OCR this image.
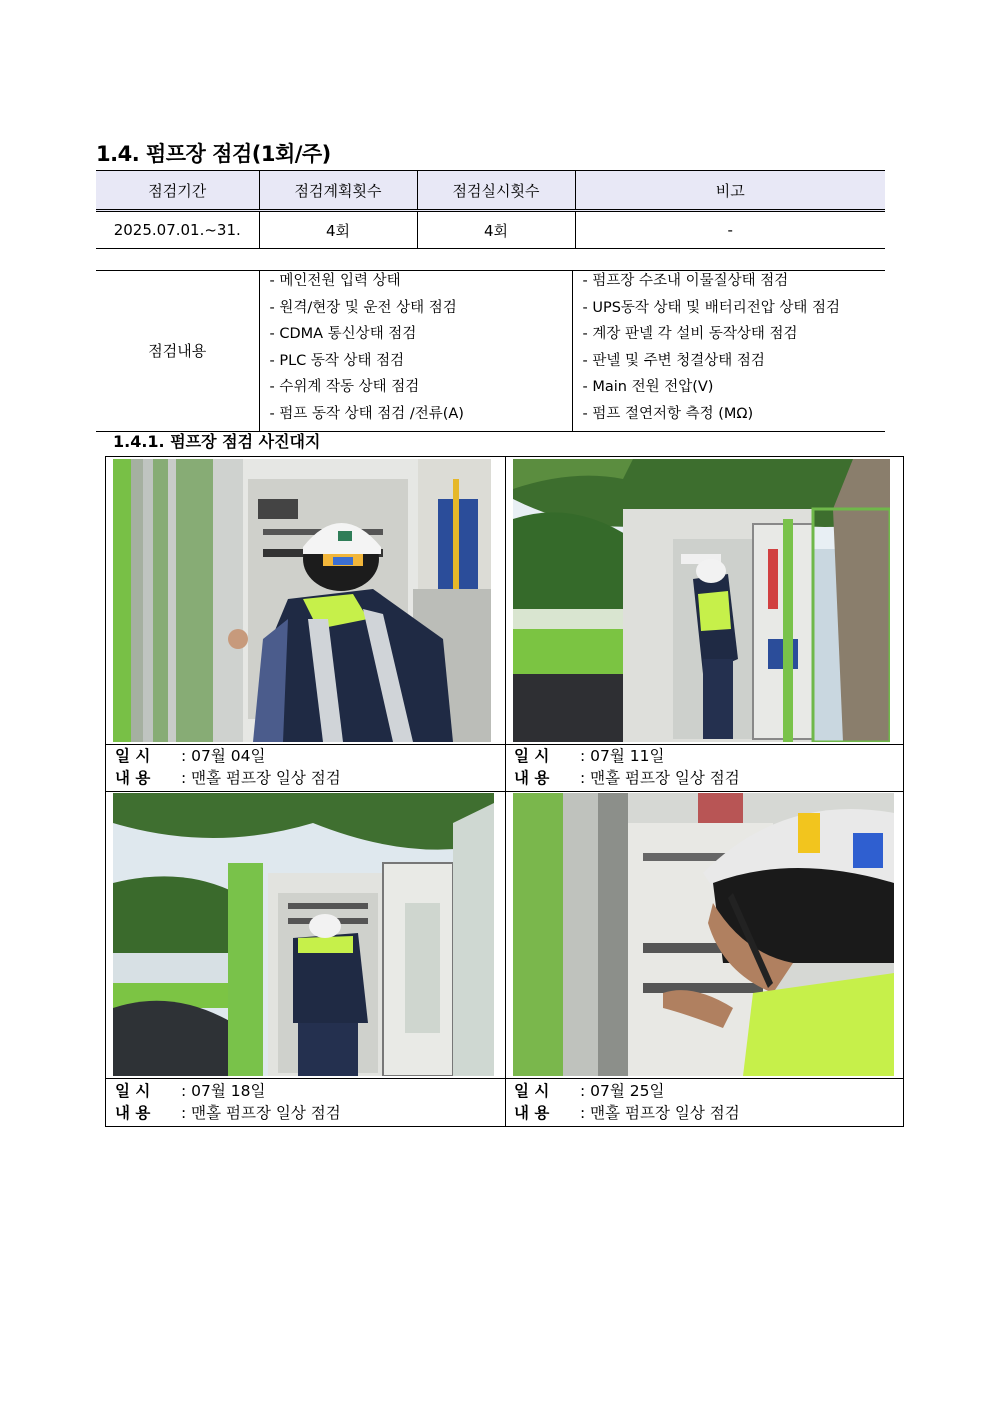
1.4. 펌프장 점검(1회/주)
점검기간	점검계획횟수	점검실시횟수	비고
2025.07.01.~31.	4회	4회	-
점검내용	
- 메인전원 입력 상태
- 원격/현장 및 운전 상태 점검
- CDMA 통신상태 점검
- PLC 동작 상태 점검
- 수위계 작동 상태 점검
- 펌프 동작 상태 점검 /전류(A)

- 펌프장 수조내 이물질상태 점검
- UPS동작 상태 및 배터리전압 상태 점검
- 계장 판넬 각 설비 동작상태 점검
- 판넬 및 주변 청결상태 점검
- Main 전원 전압(V)
- 펌프 절연저항 측정 (MΩ)
1.4.1. 펌프장 점검 사진대지
일 시 : 07월 04일
내 용 : 맨홀 펌프장 일상 점검
일 시 : 07월 11일
내 용 : 맨홀 펌프장 일상 점검
일 시 : 07월 18일
내 용 : 맨홀 펌프장 일상 점검
일 시 : 07월 25일
내 용 : 맨홀 펌프장 일상 점검
